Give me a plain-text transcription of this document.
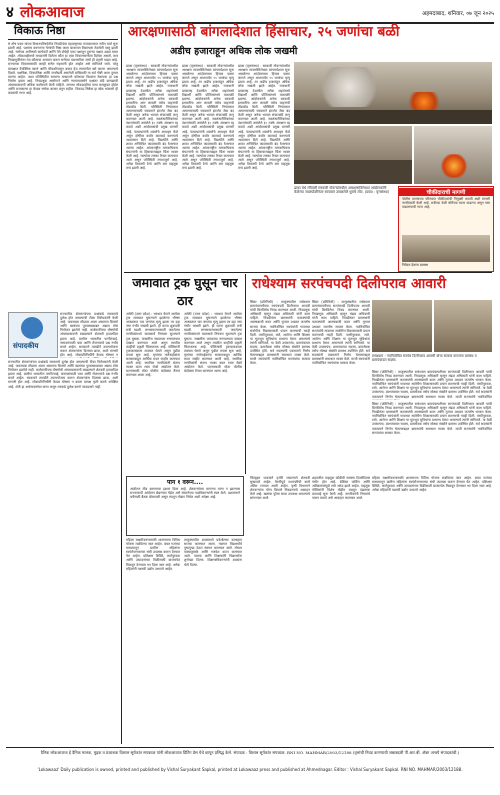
४ लोकआवाज	अहमदाबाद, शनिवार, ०७ जून २०२५
विकाऊ निष्ठा
सं तोष पवार यांच्या विधानपरिषदेतील निवडीनंतर महाराष्ट्राच्या राजकारणात नवीन चर्चा सुरू झाली आहे. पक्षांतर करणाऱ्या नेत्यांची निष्ठा आता बाजारात विकायला ठेवलेली वस्तू झाली आहे. सत्तेच्या आमिषाने कार्यकर्ते आणि नेते दोघेही एका पक्षातून दुसऱ्या पक्षात उड्या मारत आहेत. लोकशाहीमध्ये मतदारांनी दिलेला कौल हा एका विचारसरणीला दिलेला असतो, मात्र निवडणुकीनंतर त्या कौलाचा अपमान करून सत्तेच्या वळचणीला जाणे ही प्रवृत्ती वाढत आहे. राज्याच्या विकासासाठी आम्ही सत्तेत सहभागी होत आहोत असे सांगितले जाते, परंतु प्रत्यक्षात वैयक्तिक स्वार्थ आणि चौकशीपासून बचाव हेच त्यामागील खरे कारण असल्याचे दिसते. पक्षनिष्ठा, विचारनिष्ठा आणि जनतेप्रती असलेली बांधिलकी या सर्व गोष्टी आता दुय्यम ठरल्या आहेत. अशा परिस्थितीत सामान्य मतदाराने कोणावर विश्वास ठेवायचा हा प्रश्न निर्माण झाला आहे. निवडणूक आयोगाने आणि न्यायव्यवस्थेने पक्षांतर बंदी कायद्याची अंमलबजावणी अधिक कठोरपणे केली पाहिजे. अन्यथा लोकशाहीचा पाया कमकुवत होईल आणि राजकारण हा केवळ सत्तेचा बाजार बनून राहील. विकाऊ निष्ठेचा हा खेळ थांबवणे ही काळाची गरज आहे.
संपादकीय
राज्यातील शेतकऱ्यांच्या प्रश्नांकडे सरकारचे दुर्लक्ष होत असल्याची टीका विरोधकांनी केली आहे. पावसाळा तोंडावर आला असताना बियाणे आणि खतांच्या पुरवठ्याबाबत अद्याप ठोस नियोजन झालेले नाही. कर्जमाफीच्या घोषणेची अंमलबजावणी रखडल्याने शेतकरी हवालदिल झाला आहे. ग्रामीण भागातील पाणीटंचाई, जनावरांसाठी चारा आणि रोजगाराचे प्रश्न गंभीर बनले आहेत. सरकारने तातडीने उपाययोजना करून शेतकऱ्यांना दिलासा द्यावा, अशी मागणी होत आहे. लोकप्रतिनिधींनी केवळ घोषणा न
राज्यातील शेतकऱ्यांच्या प्रश्नांकडे सरकारचे दुर्लक्ष होत असल्याची टीका विरोधकांनी केली आहे. पावसाळा तोंडावर आला असताना बियाणे आणि खतांच्या पुरवठ्याबाबत अद्याप ठोस नियोजन झालेले नाही. कर्जमाफीच्या घोषणेची अंमलबजावणी रखडल्याने शेतकरी हवालदिल झाला आहे. ग्रामीण भागातील पाणीटंचाई, जनावरांसाठी चारा आणि रोजगाराचे प्रश्न गंभीर बनले आहेत. सरकारने तातडीने उपाययोजना करून शेतकऱ्यांना दिलासा द्यावा, अशी मागणी होत आहे. लोकप्रतिनिधींनी केवळ घोषणा न करता प्रत्यक्ष कृती करणे अपेक्षित आहे. शेती हा अर्थव्यवस्थेचा कणा असून त्याकडे दुर्लक्ष करणे परवडणारे नाही.
आरक्षणासाठी बांगलादेशात हिंसाचार, २५ जणांचा बळी
अडीच हजाराहून अधिक लोक जखमी
ढाका (वृत्तसंस्था) : सरकारी नोकऱ्यांमधील आरक्षण व्यवस्थेविरोधात बांगलादेशात सुरू असलेल्या आंदोलनाला हिंसक वळण लागले असून आतापर्यंत २५ जणांचा मृत्यू झाला आहे, तर अडीच हजारांहून अधिक लोक जखमी झाले आहेत. राजधानी ढाकासह देशातील अनेक शहरांमध्ये विद्यार्थी आणि पोलिसांमध्ये चकमकी झाल्या. आंदोलकांनी अनेक सरकारी इमारतींना आग लावली तसेच वाहनांची तोडफोड केली. परिस्थिती नियंत्रणात आणण्यासाठी सरकारने इंटरनेट सेवा बंद केली असून अनेक भागात संचारबंदी लागू करण्यात आली आहे. स्वातंत्र्यसैनिकांच्या वंशजांसाठी असलेले ३० टक्के आरक्षण रद्द करावे अशी आंदोलकांची प्रमुख मागणी आहे. पंतप्रधानांनी शांततेचे आवाहन केले असून दोषींवर कठोर कारवाई करण्याचे आश्वासन दिले आहे. विद्यापीठे आणि शाळा अनिश्चित काळासाठी बंद ठेवण्यात आल्या आहेत. आंतरराष्ट्रीय मानवाधिकार संघटनांनी या हिंसाचाराबद्दल चिंता व्यक्त केली आहे. रस्त्यांवर लष्कर तैनात करण्यात आले असून परिस्थिती तणावपूर्ण आहे. अनेक ठिकाणी रेल्वे आणि बस वाहतूक ठप्प झाली आहे.
ढाका (वृत्तसंस्था) : सरकारी नोकऱ्यांमधील आरक्षण व्यवस्थेविरोधात बांगलादेशात सुरू असलेल्या आंदोलनाला हिंसक वळण लागले असून आतापर्यंत २५ जणांचा मृत्यू झाला आहे, तर अडीच हजारांहून अधिक लोक जखमी झाले आहेत. राजधानी ढाकासह देशातील अनेक शहरांमध्ये विद्यार्थी आणि पोलिसांमध्ये चकमकी झाल्या. आंदोलकांनी अनेक सरकारी इमारतींना आग लावली तसेच वाहनांची तोडफोड केली. परिस्थिती नियंत्रणात आणण्यासाठी सरकारने इंटरनेट सेवा बंद केली असून अनेक भागात संचारबंदी लागू करण्यात आली आहे. स्वातंत्र्यसैनिकांच्या वंशजांसाठी असलेले ३० टक्के आरक्षण रद्द करावे अशी आंदोलकांची प्रमुख मागणी आहे. पंतप्रधानांनी शांततेचे आवाहन केले असून दोषींवर कठोर कारवाई करण्याचे आश्वासन दिले आहे. विद्यापीठे आणि शाळा अनिश्चित काळासाठी बंद ठेवण्यात आल्या आहेत. आंतरराष्ट्रीय मानवाधिकार संघटनांनी या हिंसाचाराबद्दल चिंता व्यक्त केली आहे. रस्त्यांवर लष्कर तैनात करण्यात आले असून परिस्थिती तणावपूर्ण आहे. अनेक ठिकाणी रेल्वे आणि बस वाहतूक ठप्प झाली आहे.
ढाका (वृत्तसंस्था) : सरकारी नोकऱ्यांमधील आरक्षण व्यवस्थेविरोधात बांगलादेशात सुरू असलेल्या आंदोलनाला हिंसक वळण लागले असून आतापर्यंत २५ जणांचा मृत्यू झाला आहे, तर अडीच हजारांहून अधिक लोक जखमी झाले आहेत. राजधानी ढाकासह देशातील अनेक शहरांमध्ये विद्यार्थी आणि पोलिसांमध्ये चकमकी झाल्या. आंदोलकांनी अनेक सरकारी इमारतींना आग लावली तसेच वाहनांची तोडफोड केली. परिस्थिती नियंत्रणात आणण्यासाठी सरकारने इंटरनेट सेवा बंद केली असून अनेक भागात संचारबंदी लागू करण्यात आली आहे. स्वातंत्र्यसैनिकांच्या वंशजांसाठी असलेले ३० टक्के आरक्षण रद्द करावे अशी आंदोलकांची प्रमुख मागणी आहे. पंतप्रधानांनी शांततेचे आवाहन केले असून दोषींवर कठोर कारवाई करण्याचे आश्वासन दिले आहे. विद्यापीठे आणि शाळा अनिश्चित काळासाठी बंद ठेवण्यात आल्या आहेत. आंतरराष्ट्रीय मानवाधिकार संघटनांनी या हिंसाचाराबद्दल चिंता व्यक्त केली आहे. रस्त्यांवर लष्कर तैनात करण्यात आले असून परिस्थिती तणावपूर्ण आहे. अनेक ठिकाणी रेल्वे आणि बस वाहतूक ठप्प झाली आहे.
ढाका येथे रविवारी सरकारी नोकऱ्यांमधील आरक्षणाविरोधात आंदोलकांनी केलेल्या जाळपोळीनंतर रस्त्यावर उसळलेले धुराचे लोट. (छाया : वृत्तसंस्था)	चौकीदाराची मागणी
पोलीस ठाण्याच्या परिसरात चौकीदारांची नियुक्ती करावी अशी मागणी नागरिकांनी केली आहे. रात्रीच्या वेळी चोरीच्या घटना वाढल्या असून गस्त वाढवण्याची गरज आहे.
निवेदन देताना ग्रामस्थ
जमावात ट्रक घुसून चार ठार
अमेठी (उत्तर प्रदेश) : भरधाव वेगाने आलेला ट्रक जमावात घुसल्याने झालेल्या भीषण अपघातात चार जणांचा मृत्यू झाला तर दहा जण गंभीर जखमी झाले. ही घटना शुक्रवारी रात्री घडली. लग्नसमारंभासाठी जमलेल्या नागरिकांमध्ये चालकाचे नियंत्रण सुटल्याने ट्रक घुसला. जखमींना जवळच्या रुग्णालयात दाखल करण्यात आले असून त्यातील काहींची प्रकृती चिंताजनक आहे. पोलिसांनी ट्रकचालकाला ताब्यात घेतले असून पुढील तपास सुरू आहे. मृतांच्या नातेवाईकांना सरकारकडून आर्थिक मदत जाहीर करण्यात आली आहे. स्थानिक नागरिकांनी संताप व्यक्त करत रस्ता रोको आंदोलन केले. घटनास्थळी मोठा पोलीस बंदोबस्त तैनात करण्यात आला आहे.
अमेठी (उत्तर प्रदेश) : भरधाव वेगाने आलेला ट्रक जमावात घुसल्याने झालेल्या भीषण अपघातात चार जणांचा मृत्यू झाला तर दहा जण गंभीर जखमी झाले. ही घटना शुक्रवारी रात्री घडली. लग्नसमारंभासाठी जमलेल्या नागरिकांमध्ये चालकाचे नियंत्रण सुटल्याने ट्रक घुसला. जखमींना जवळच्या रुग्णालयात दाखल करण्यात आले असून त्यातील काहींची प्रकृती चिंताजनक आहे. पोलिसांनी ट्रकचालकाला ताब्यात घेतले असून पुढील तपास सुरू आहे. मृतांच्या नातेवाईकांना सरकारकडून आर्थिक मदत जाहीर करण्यात आली आहे. स्थानिक नागरिकांनी संताप व्यक्त करत रस्ता रोको आंदोलन केले. घटनास्थळी मोठा पोलीस बंदोबस्त तैनात करण्यात आला आहे.
राधेश्याम सरपंचपदी दिलीपराव आवारी
सिन्नर (प्रतिनिधी) : तालुक्यातील राधेश्याम ग्रामपंचायतीच्या सरपंचपदी दिलीपराव आवारी यांची बिनविरोध निवड करण्यात आली. निवडणूक अधिकारी म्हणून मंडळ अधिकारी यांनी काम पाहिले. निवडीनंतर ग्रामस्थांनी फटाक्यांची आतषबाजी करत आणि गुलाल उधळत जल्लोष साजरा केला. नवनिर्वाचित सरपंचांनी गावाच्या सर्वांगीण विकासासाठी प्रयत्न करण्याची ग्वाही दिली. पाणीपुरवठा, रस्ते, आरोग्य आणि शिक्षण या मूलभूत सुविधांना प्राधान्य देणार असल्याचे त्यांनी सांगितले. या वेळी उपसरपंच, ग्रामपंचायत सदस्य, ग्रामसेवक तसेच मोठ्या संख्येने ग्रामस्थ उपस्थित होते. सर्व सदस्यांनी एकमताने निर्णय घेतल्याबद्दल ग्रामस्थांनी समाधान व्यक्त केले. माजी सरपंचांनी नवनिर्वाचित सरपंचांचा सत्कार केला.
सिन्नर (प्रतिनिधी) : तालुक्यातील राधेश्याम ग्रामपंचायतीच्या सरपंचपदी दिलीपराव आवारी यांची बिनविरोध निवड करण्यात आली. निवडणूक अधिकारी म्हणून मंडळ अधिकारी यांनी काम पाहिले. निवडीनंतर ग्रामस्थांनी फटाक्यांची आतषबाजी करत आणि गुलाल उधळत जल्लोष साजरा केला. नवनिर्वाचित सरपंचांनी गावाच्या सर्वांगीण विकासासाठी प्रयत्न करण्याची ग्वाही दिली. पाणीपुरवठा, रस्ते, आरोग्य आणि शिक्षण या मूलभूत सुविधांना प्राधान्य देणार असल्याचे त्यांनी सांगितले. या वेळी उपसरपंच, ग्रामपंचायत सदस्य, ग्रामसेवक तसेच मोठ्या संख्येने ग्रामस्थ उपस्थित होते. सर्व सदस्यांनी एकमताने निर्णय घेतल्याबद्दल ग्रामस्थांनी समाधान व्यक्त केले. माजी सरपंचांनी नवनिर्वाचित सरपंचांचा सत्कार केला.
राधेश्याम : नवनिर्वाचित सरपंच दिलीपराव आवारी यांचा सत्कार करताना ग्रामस्थ व ग्रामपंचायत सदस्य.
सिन्नर (प्रतिनिधी) : तालुक्यातील राधेश्याम ग्रामपंचायतीच्या सरपंचपदी दिलीपराव आवारी यांची बिनविरोध निवड करण्यात आली. निवडणूक अधिकारी म्हणून मंडळ अधिकारी यांनी काम पाहिले. निवडीनंतर ग्रामस्थांनी फटाक्यांची आतषबाजी करत आणि गुलाल उधळत जल्लोष साजरा केला. नवनिर्वाचित सरपंचांनी गावाच्या सर्वांगीण विकासासाठी प्रयत्न करण्याची ग्वाही दिली. पाणीपुरवठा, रस्ते, आरोग्य आणि शिक्षण या मूलभूत सुविधांना प्राधान्य देणार असल्याचे त्यांनी सांगितले. या वेळी उपसरपंच, ग्रामपंचायत सदस्य, ग्रामसेवक तसेच मोठ्या संख्येने ग्रामस्थ उपस्थित होते. सर्व सदस्यांनी एकमताने निर्णय घेतल्याबद्दल ग्रामस्थांनी समाधान व्यक्त केले. माजी सरपंचांनी नवनिर्वाचित
सिन्नर (प्रतिनिधी) : तालुक्यातील राधेश्याम ग्रामपंचायतीच्या सरपंचपदी दिलीपराव आवारी यांची बिनविरोध निवड करण्यात आली. निवडणूक अधिकारी म्हणून मंडळ अधिकारी यांनी काम पाहिले. निवडीनंतर ग्रामस्थांनी फटाक्यांची आतषबाजी करत आणि गुलाल उधळत जल्लोष साजरा केला. नवनिर्वाचित सरपंचांनी गावाच्या सर्वांगीण विकासासाठी प्रयत्न करण्याची ग्वाही दिली. पाणीपुरवठा, रस्ते, आरोग्य आणि शिक्षण या मूलभूत सुविधांना प्राधान्य देणार असल्याचे त्यांनी सांगितले. या वेळी उपसरपंच, ग्रामपंचायत सदस्य, ग्रामसेवक तसेच मोठ्या संख्येने ग्रामस्थ उपस्थित होते. सर्व सदस्यांनी एकमताने निर्णय घेतल्याबद्दल ग्रामस्थांनी समाधान व्यक्त केले. माजी सरपंचांनी नवनिर्वाचित सरपंचांचा सत्कार केला.
पान १ वरून....
आंदोलन तीव्र करण्याचा इशारा दिला आहे. शेतकऱ्यांच्या मागण्या मान्य न झाल्यास राज्यव्यापी आंदोलन छेडण्यात येईल असे संघटनेच्या पदाधिकाऱ्यांनी स्पष्ट केले. प्रशासनाने चर्चेसाठी बैठक बोलावली असून त्यातून तोडगा निघेल अशी अपेक्षा आहे.
महिला सक्षमीकरणासाठी शासनाच्या विविध योजना राबविल्या जात आहेत. बचत गटांच्या माध्यमातून ग्रामीण महिलांना स्वयंरोजगाराच्या संधी उपलब्ध करून देण्यात येत आहेत. प्रशिक्षण शिबिरे, कर्जपुरवठा आणि उत्पादनांच्या विक्रीसाठी बाजारपेठ मिळवून देण्यावर भर दिला जात आहे. अनेक महिलांनी यशस्वी उद्योग उभारले आहेत.
तालुक्यातील शाळांमध्ये प्रवेशोत्सव उत्साहात साजरा करण्यात आला. नवागत विद्यार्थ्यांचे पुष्पगुच्छ देऊन स्वागत करण्यात आले. मोफत पाठ्यपुस्तके आणि गणवेश वाटप करण्यात आले. पालक आणि शिक्षकांनी विद्यार्थ्यांना शुभेच्छा दिल्या. शिक्षणाधिकाऱ्यांनी शाळांना भेटी दिल्या.
जिल्ह्यात पावसाने हजेरी लावल्याने शेतकरी सुखावले आहेत. पेरणीपूर्व मशागतीची कामे अंतिम टप्प्यात आली आहेत. कृषी विभागाने शेतकऱ्यांना योग्य बियाणे निवडण्याचे आवाहन केले आहे. खतांचा पुरेसा साठा उपलब्ध असल्याचे सांगण्यात आले.
शहरातील वाहतूक कोंडीची समस्या दिवसेंदिवस गंभीर होत आहे. बेशिस्त पार्किंग आणि अतिक्रमणांमुळे रस्ते अरुंद झाले आहेत. वाहतूक पोलिसांनी विशेष मोहीम राबवून दंडात्मक कारवाई सुरू केली आहे. नागरिकांनी नियमांचे पालन करावे असे आवाहन करण्यात आले.
महिला सक्षमीकरणासाठी शासनाच्या विविध योजना राबविल्या जात आहेत. बचत गटांच्या माध्यमातून ग्रामीण महिलांना स्वयंरोजगाराच्या संधी उपलब्ध करून देण्यात येत आहेत. प्रशिक्षण शिबिरे, कर्जपुरवठा आणि उत्पादनांच्या विक्रीसाठी बाजारपेठ मिळवून देण्यावर भर दिला जात आहे. अनेक महिलांनी यशस्वी उद्योग उभारले आहेत.
दैनिक लोकआवाज हे दैनिक मालक, मुद्रक व प्रकाशक विशाल सूर्यकांत सपकाळ यांनी लोकआवाज प्रिंटिंग प्रेस येथे छापून प्रसिद्ध केले. संपादक : विशाल सूर्यकांत सपकाळ. RNI NO. MAHMAR/2003/12188 (वृत्तांची निवड करण्याची जबाबदारी पी.आर.बी. अ‍ॅक्ट अन्वये संपादकांची.)
'Lokawaaz' Daily publication is owned, printed and published by Vishal Suryakant Sapkal, printed at Lokawaaz press and published at Ahmednagar. Editor : Vishal Suryakant Sapkal. RNI NO. MAHMAR/2003/12188.
